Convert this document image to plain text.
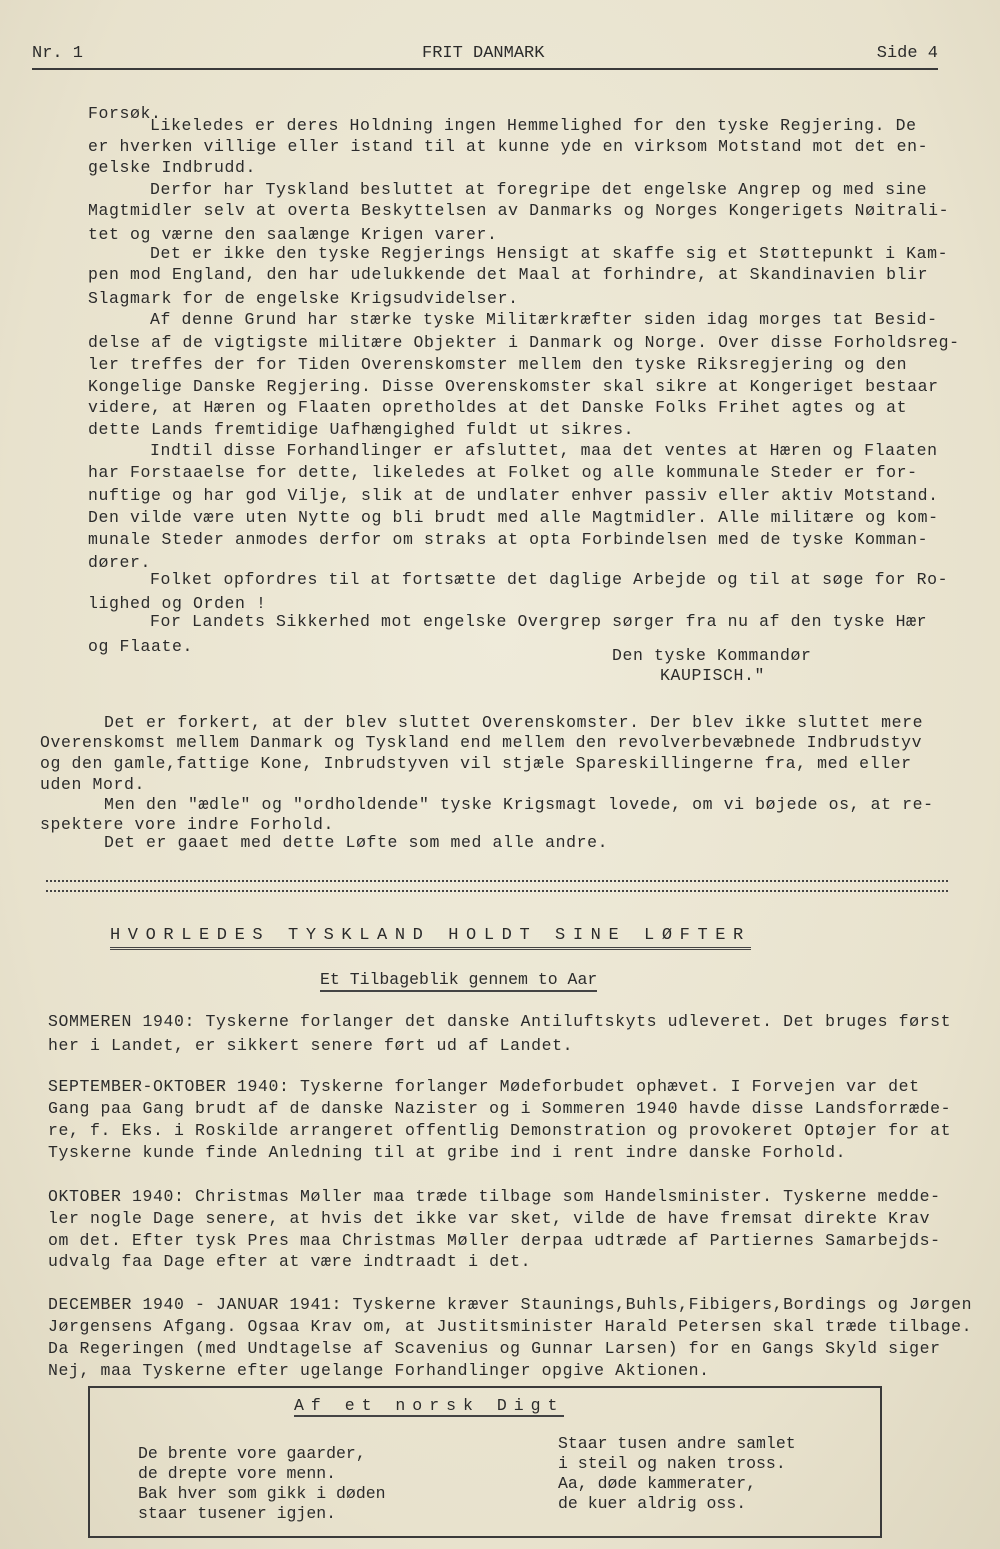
Nr. 1	FRIT DANMARK	Side 4
Forsøk.
Likeledes er deres Holdning ingen Hemmelighed for den tyske Regjering. De
er hverken villige eller istand til at kunne yde en virksom Motstand mot det en-
gelske Indbrudd.
Derfor har Tyskland besluttet at foregripe det engelske Angrep og med sine
Magtmidler selv at overta Beskyttelsen av Danmarks og Norges Kongerigets Nøitrali-
tet og værne den saalænge Krigen varer.
Det er ikke den tyske Regjerings Hensigt at skaffe sig et Støttepunkt i Kam-
pen mod England, den har udelukkende det Maal at forhindre, at Skandinavien blir
Slagmark for de engelske Krigsudvidelser.
Af denne Grund har stærke tyske Militærkræfter siden idag morges tat Besid-
delse af de vigtigste militære Objekter i Danmark og Norge. Over disse Forholdsreg-
ler treffes der for Tiden Overenskomster mellem den tyske Riksregjering og den
Kongelige Danske Regjering. Disse Overenskomster skal sikre at Kongeriget bestaar
videre, at Hæren og Flaaten opretholdes at det Danske Folks Frihet agtes og at
dette Lands fremtidige Uafhængighed fuldt ut sikres.
Indtil disse Forhandlinger er afsluttet, maa det ventes at Hæren og Flaaten
har Forstaaelse for dette, likeledes at Folket og alle kommunale Steder er for-
nuftige og har god Vilje, slik at de undlater enhver passiv eller aktiv Motstand.
Den vilde være uten Nytte og bli brudt med alle Magtmidler. Alle militære og kom-
munale Steder anmodes derfor om straks at opta Forbindelsen med de tyske Komman-
dører.
Folket opfordres til at fortsætte det daglige Arbejde og til at søge for Ro-
lighed og Orden !
For Landets Sikkerhed mot engelske Overgrep sørger fra nu af den tyske Hær
og Flaate.	Den tyske Kommandør
KAUPISCH."
Det er forkert, at der blev sluttet Overenskomster. Der blev ikke sluttet mere
Overenskomst mellem Danmark og Tyskland end mellem den revolverbevæbnede Indbrudstyv
og den gamle,fattige Kone, Inbrudstyven vil stjæle Spareskillingerne fra, med eller
uden Mord.
Men den "ædle" og "ordholdende" tyske Krigsmagt lovede, om vi bøjede os, at re-
spektere vore indre Forhold.
Det er gaaet med dette Løfte som med alle andre.
HVORLEDES TYSKLAND HOLDT SINE LØFTER
Et Tilbageblik gennem to Aar
SOMMEREN 1940: Tyskerne forlanger det danske Antiluftskyts udleveret. Det bruges først
her i Landet, er sikkert senere ført ud af Landet.
SEPTEMBER-OKTOBER 1940: Tyskerne forlanger Mødeforbudet ophævet. I Forvejen var det
Gang paa Gang brudt af de danske Nazister og i Sommeren 1940 havde disse Landsforræde-
re, f. Eks. i Roskilde arrangeret offentlig Demonstration og provokeret Optøjer for at
Tyskerne kunde finde Anledning til at gribe ind i rent indre danske Forhold.
OKTOBER 1940: Christmas Møller maa træde tilbage som Handelsminister. Tyskerne medde-
ler nogle Dage senere, at hvis det ikke var sket, vilde de have fremsat direkte Krav
om det. Efter tysk Pres maa Christmas Møller derpaa udtræde af Partiernes Samarbejds-
udvalg faa Dage efter at være indtraadt i det.
DECEMBER 1940 - JANUAR 1941: Tyskerne kræver Staunings,Buhls,Fibigers,Bordings og Jørgen
Jørgensens Afgang. Ogsaa Krav om, at Justitsminister Harald Petersen skal træde tilbage.
Da Regeringen (med Undtagelse af Scavenius og Gunnar Larsen) for en Gangs Skyld siger
Nej, maa Tyskerne efter ugelange Forhandlinger opgive Aktionen.
Af et norsk Digt
De brente vore gaarder,
de drepte vore menn.
Bak hver som gikk i døden
staar tusener igjen.
Staar tusen andre samlet
i steil og naken tross.
Aa, døde kammerater,
de kuer aldrig oss.
